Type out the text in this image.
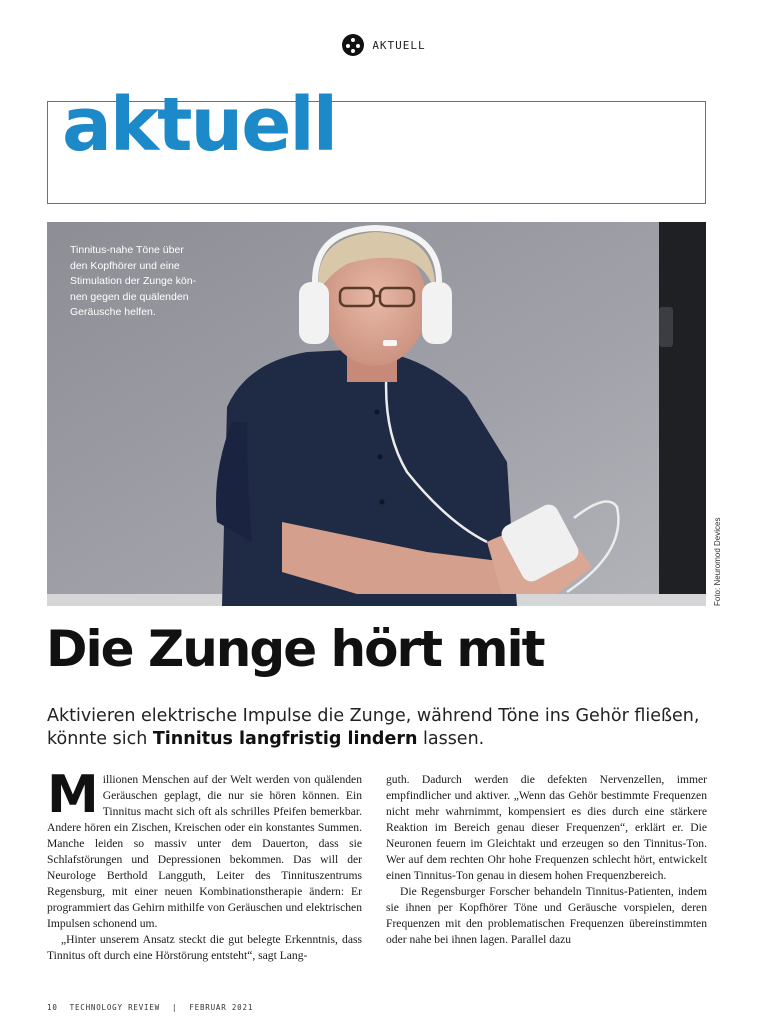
AKTUELL
aktuell
Tinnitus-nahe Töne über den Kopfhörer und eine Stimulation der Zunge kön-nen gegen die quälenden Geräusche helfen.
Foto: Neuromod Devices
Die Zunge hört mit
Aktivieren elektrische Impulse die Zunge, während Töne ins Gehör fließen, könnte sich Tinnitus langfristig lindern lassen.

Millionen Menschen auf der Welt werden von quälenden Geräuschen geplagt, die nur sie hören können. Ein Tinnitus macht sich oft als schrilles Pfeifen bemerkbar. Andere hören ein Zischen, Kreischen oder ein konstantes Summen. Manche leiden so massiv unter dem Dauerton, dass sie Schlafstörungen und Depressionen bekommen. Das will der Neurologe Berthold Langguth, Leiter des Tinnituszentrums Regensburg, mit einer neuen Kombinationstherapie ändern: Er programmiert das Gehirn mithilfe von Geräuschen und elektrischen Impulsen schonend um.

„Hinter unserem Ansatz steckt die gut belegte Erkenntnis, dass Tinnitus oft durch eine Hörstörung entsteht“, sagt Lang-

guth. Dadurch werden die defekten Nervenzellen, immer empfindlicher und aktiver. „Wenn das Gehör bestimmte Frequenzen nicht mehr wahrnimmt, kompensiert es dies durch eine stärkere Reaktion im Bereich genau dieser Frequenzen“, erklärt er. Die Neuronen feuern im Gleichtakt und erzeugen so den Tinnitus-Ton. Wer auf dem rechten Ohr hohe Frequenzen schlecht hört, entwickelt einen Tinnitus-Ton genau in diesem hohen Frequenzbereich.

Die Regensburger Forscher behandeln Tinnitus-Patienten, indem sie ihnen per Kopfhörer Töne und Geräusche vorspielen, deren Frequenzen mit den problematischen Frequenzen übereinstimmten oder nahe bei ihnen lagen. Parallel dazu

10 TECHNOLOGY REVIEW | FEBRUAR 2021
